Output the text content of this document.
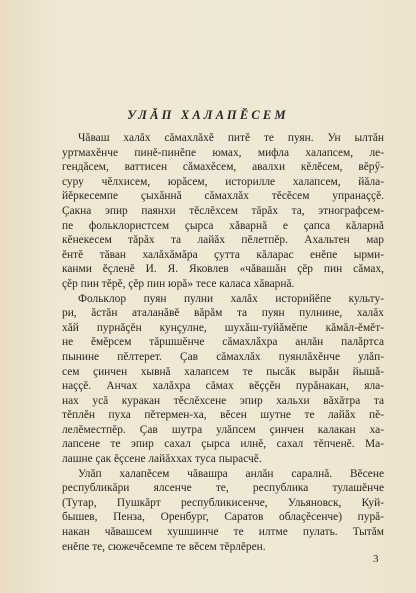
УЛĂП ХАЛАПĔСЕМ
Чăваш халăх сăмахлăхĕ питĕ те пуян. Ун ылтăн
уртмахĕнче пинĕ-пинĕпе юмах, мифла халапсем, ле-
гендăсем, ваттисен сăмахĕсем, авалхи кĕлĕсем, вĕрӳ-
суру чĕлхисем, юрăсем, историлле халапсем, йăла-
йĕркесемпе çыхăннă сăмахлăх тĕсĕсем упранаççĕ.
Çакна эпир паянхи тĕслĕхсем тăрăх та, этнографсем-
пе фольклористсем çырса хăварнă е çапса кăларнă
кĕнекесем тăрăх та лайăх пĕлетпĕр. Ахальтен мар
ĕнтĕ тăван халăхăмăра çутта кăларас енĕпе ырми-
канми ĕçленĕ И. Я. Яковлев «чăвашăн çĕр пин сăмах,
çĕр пин тĕрĕ, çĕр пин юрă» тесе каласа хăварнă.
Фольклор пуян пулни халăх историйĕпе культу-
ри, ăстăн аталанăвĕ вăрăм та пуян пулнине, халăх
хăй пурнăçĕн кунçулне, шухăш-туйăмĕпе кăмăл-ĕмĕт-
не ĕмĕрсем тăршшĕнче сăмахлăхра анлăн палăртса
пынине пĕлтерет. Çав сăмахлăх пуянлăхĕнче улăп-
сем çинчен хывнă халапсем те пысăк вырăн йышă-
наççĕ. Анчах халăхра сăмах вĕççĕн пурăнакан, яла-
нах усă куракан тĕслĕхсене эпир хальхи вăхăтра та
тĕплĕн пуха пĕтермен-ха, вĕсен шутне те лайăх пĕ-
лелĕместпĕр. Çав шутра улăпсем çинчен калакан ха-
лапсене те эпир сахал çырса илнĕ, сахал тĕпченĕ. Ма-
лашне çак ĕçсене лайăххах туса пырасчĕ.
Улăп халапĕсем чăвашра анлăн саралнă. Вĕсене
республикăри ялсенче те, республика тулашĕнче
(Тутар, Пушкăрт республикисенче, Ульяновск, Куй-
бышев, Пенза, Оренбург, Саратов облаçĕсенче) пурă-
накан чăвашсем хушшинче те илтме пулать. Тытăм
енĕпе те, сюжечĕсемпе те вĕсем тĕрлĕрен.
3
